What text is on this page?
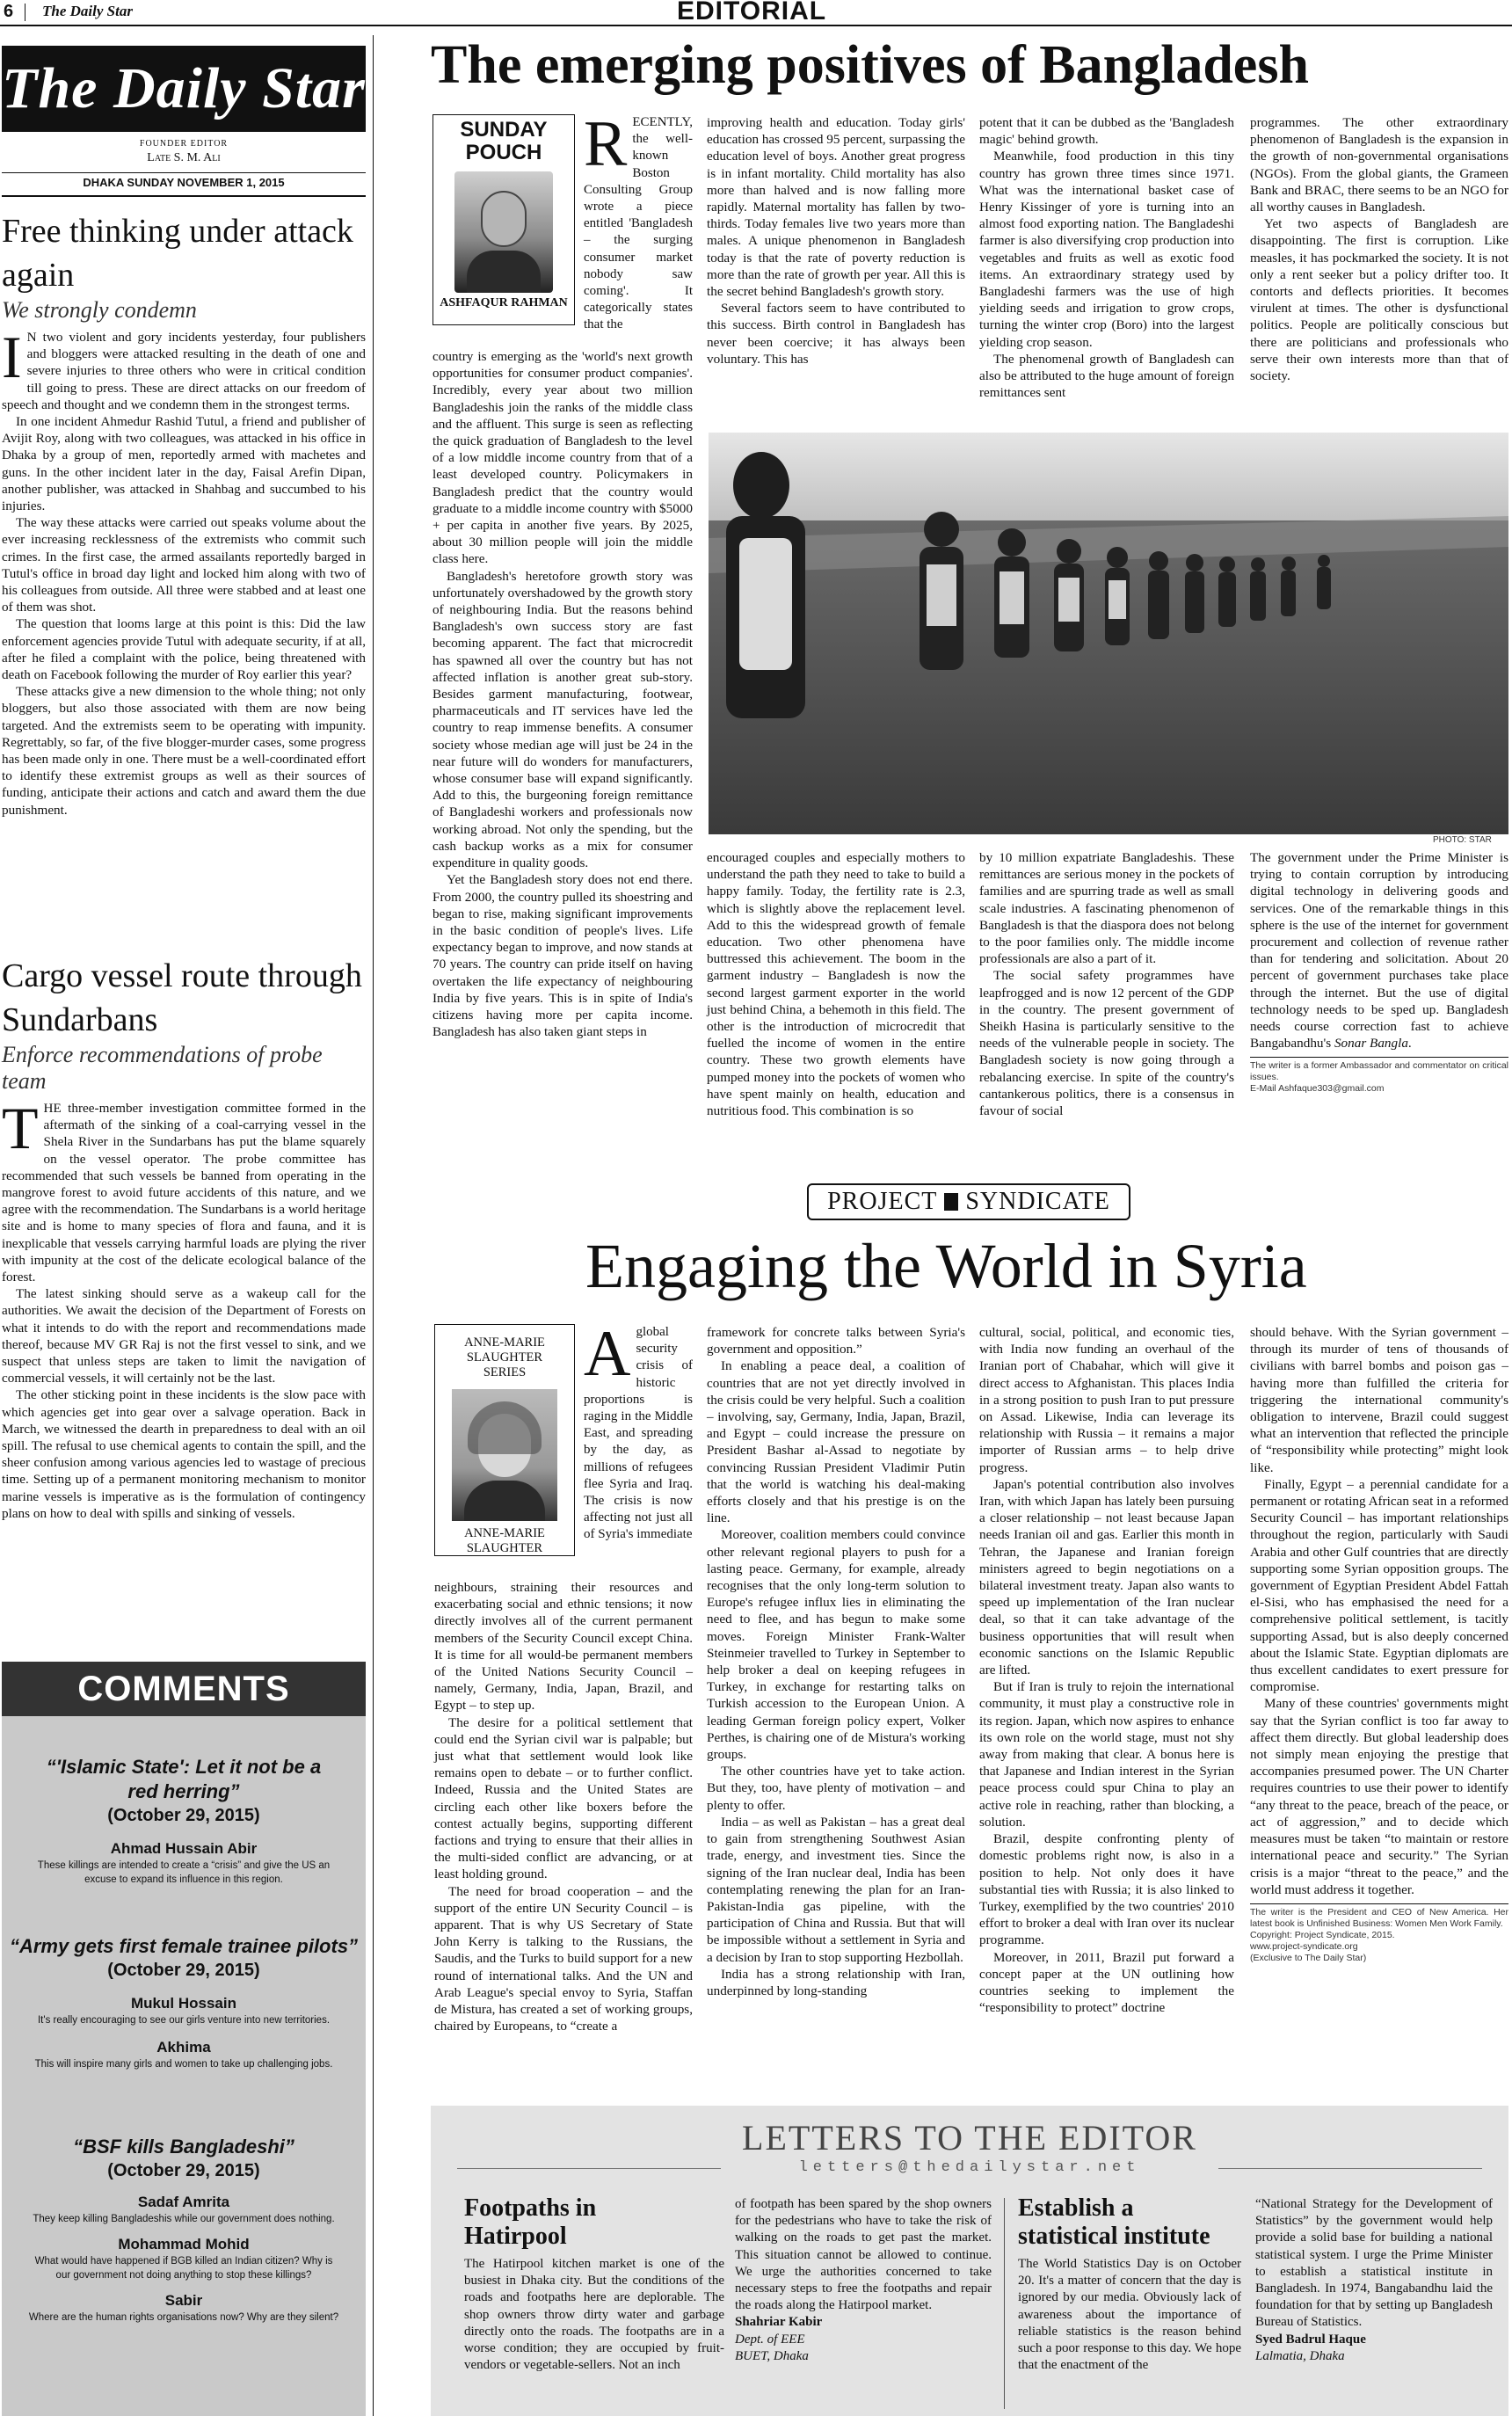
6 The Daily Star	EDITORIAL
The Daily Star
FOUNDER EDITOR
Late S. M. Ali
DHAKA SUNDAY NOVEMBER 1, 2015
Free thinking under attack again
We strongly condemn

I N two violent and gory incidents yesterday, four publishers and bloggers were attacked resulting in the death of one and severe injuries to three others who were in critical condition till going to press. These are direct attacks on our freedom of speech and thought and we condemn them in the strongest terms.

In one incident Ahmedur Rashid Tutul, a friend and publisher of Avijit Roy, along with two colleagues, was attacked in his office in Dhaka by a group of men, reportedly armed with machetes and guns. In the other incident later in the day, Faisal Arefin Dipan, another publisher, was attacked in Shahbag and succumbed to his injuries.

The way these attacks were carried out speaks volume about the ever increasing recklessness of the extremists who commit such crimes. In the first case, the armed assailants reportedly barged in Tutul's office in broad day light and locked him along with two of his colleagues from outside. All three were stabbed and at least one of them was shot.

The question that looms large at this point is this: Did the law enforcement agencies provide Tutul with adequate security, if at all, after he filed a complaint with the police, being threatened with death on Facebook following the murder of Roy earlier this year?

These attacks give a new dimension to the whole thing; not only bloggers, but also those associated with them are now being targeted. And the extremists seem to be operating with impunity. Regrettably, so far, of the five blogger-murder cases, some progress has been made only in one. There must be a well-coordinated effort to identify these extremist groups as well as their sources of funding, anticipate their actions and catch and award them the due punishment.

Cargo vessel route through Sundarbans
Enforce recommendations of probe team

THE three-member investigation committee formed in the aftermath of the sinking of a coal-carrying vessel in the Shela River in the Sundarbans has put the blame squarely on the vessel operator. The probe committee has recommended that such vessels be banned from operating in the mangrove forest to avoid future accidents of this nature, and we agree with the recommendation. The Sundarbans is a world heritage site and is home to many species of flora and fauna, and it is inexplicable that vessels carrying harmful loads are plying the river with impunity at the cost of the delicate ecological balance of the forest.

The latest sinking should serve as a wakeup call for the authorities. We await the decision of the Department of Forests on what it intends to do with the report and recommendations made thereof, because MV GR Raj is not the first vessel to sink, and we suspect that unless steps are taken to limit the navigation of commercial vessels, it will certainly not be the last.

The other sticking point in these incidents is the slow pace with which agencies get into gear over a salvage operation. Back in March, we witnessed the dearth in preparedness to deal with an oil spill. The refusal to use chemical agents to contain the spill, and the sheer confusion among various agencies led to wastage of precious time. Setting up of a permanent monitoring mechanism to monitor marine vessels is imperative as is the formulation of contingency plans on how to deal with spills and sinking of vessels.

COMMENTS
“'Islamic State': Let it not be a red herring”
(October 29, 2015)
Ahmad Hussain Abir
These killings are intended to create a “crisis” and give the US an excuse to expand its influence in this region.
“Army gets first female trainee pilots”
(October 29, 2015)
Mukul Hossain
It's really encouraging to see our girls venture into new territories.
Akhima
This will inspire many girls and women to take up challenging jobs.
“BSF kills Bangladeshi”
(October 29, 2015)
Sadaf Amrita
They keep killing Bangladeshis while our government does nothing.
Mohammad Mohid
What would have happened if BGB killed an Indian citizen? Why is our government not doing anything to stop these killings?
Sabir
Where are the human rights organisations now? Why are they silent?
The emerging positives of Bangladesh
SUNDAY POUCH
ASHFAQUR RAHMAN

RECENTLY, the well-known Boston Consulting Group wrote a piece entitled 'Bangladesh – the surging consumer market nobody saw coming'. It categorically states that the

country is emerging as the 'world's next growth opportunities for consumer product companies'. Incredibly, every year about two million Bangladeshis join the ranks of the middle class and the affluent. This surge is seen as reflecting the quick graduation of Bangladesh to the level of a low middle income country from that of a least developed country. Policymakers in Bangladesh predict that the country would graduate to a middle income country with $5000 + per capita in another five years. By 2025, about 30 million people will join the middle class here.

Bangladesh's heretofore growth story was unfortunately overshadowed by the growth story of neighbouring India. But the reasons behind Bangladesh's own success story are fast becoming apparent. The fact that microcredit has spawned all over the country but has not affected inflation is another great sub-story. Besides garment manufacturing, footwear, pharmaceuticals and IT services have led the country to reap immense benefits. A consumer society whose median age will just be 24 in the near future will do wonders for manufacturers, whose consumer base will expand significantly. Add to this, the burgeoning foreign remittance of Bangladeshi workers and professionals now working abroad. Not only the spending, but the cash backup works as a mix for consumer expenditure in quality goods.

Yet the Bangladesh story does not end there. From 2000, the country pulled its shoestring and began to rise, making significant improvements in the basic condition of people's lives. Life expectancy began to improve, and now stands at 70 years. The country can pride itself on having overtaken the life expectancy of neighbouring India by five years. This is in spite of India's citizens having more per capita income. Bangladesh has also taken giant steps in

improving health and education. Today girls' education has crossed 95 percent, surpassing the education level of boys. Another great progress is in infant mortality. Child mortality has also more than halved and is now falling more rapidly. Maternal mortality has fallen by two-thirds. Today females live two years more than males. A unique phenomenon in Bangladesh today is that the rate of poverty reduction is more than the rate of growth per year. All this is the secret behind Bangladesh's growth story.

Several factors seem to have contributed to this success. Birth control in Bangladesh has never been coercive; it has always been voluntary. This has

potent that it can be dubbed as the 'Bangladesh magic' behind growth.

Meanwhile, food production in this tiny country has grown three times since 1971. What was the international basket case of Henry Kissinger of yore is turning into an almost food exporting nation. The Bangladeshi farmer is also diversifying crop production into vegetables and fruits as well as exotic food items. An extraordinary strategy used by Bangladeshi farmers was the use of high yielding seeds and irrigation to grow crops, turning the winter crop (Boro) into the largest yielding crop season.

The phenomenal growth of Bangladesh can also be attributed to the huge amount of foreign remittances sent

programmes. The other extraordinary phenomenon of Bangladesh is the expansion in the growth of non-governmental organisations (NGOs). From the global giants, the Grameen Bank and BRAC, there seems to be an NGO for all worthy causes in Bangladesh.

Yet two aspects of Bangladesh are disappointing. The first is corruption. Like measles, it has pockmarked the society. It is not only a rent seeker but a policy drifter too. It contorts and deflects priorities. It becomes virulent at times. The other is dysfunctional politics. People are politically conscious but there are politicians and professionals who serve their own interests more than that of society.

PHOTO: STAR

encouraged couples and especially mothers to understand the path they need to take to build a happy family. Today, the fertility rate is 2.3, which is slightly above the replacement level. Add to this the widespread growth of female education. Two other phenomena have buttressed this achievement. The boom in the garment industry – Bangladesh is now the second largest garment exporter in the world just behind China, a behemoth in this field. The other is the introduction of microcredit that fuelled the income of women in the entire country. These two growth elements have pumped money into the pockets of women who have spent mainly on health, education and nutritious food. This combination is so

by 10 million expatriate Bangladeshis. These remittances are serious money in the pockets of families and are spurring trade as well as small scale industries. A fascinating phenomenon of Bangladesh is that the diaspora does not belong to the poor families only. The middle income professionals are also a part of it.

The social safety programmes have leapfrogged and is now 12 percent of the GDP in the country. The present government of Sheikh Hasina is particularly sensitive to the needs of the vulnerable people in society. The Bangladesh society is now going through a rebalancing exercise. In spite of the country's cantankerous politics, there is a consensus in favour of social

The government under the Prime Minister is trying to contain corruption by introducing digital technology in delivering goods and services. One of the remarkable things in this sphere is the use of the internet for government procurement and collection of revenue rather than for tendering and solicitation. About 20 percent of government purchases take place through the internet. But the use of digital technology needs to be sped up. Bangladesh needs course correction fast to achieve Bangabandhu's Sonar Bangla.

The writer is a former Ambassador and commentator on critical issues.
E-Mail Ashfaque303@gmail.com
PROJECT SYNDICATE
Engaging the World in Syria
ANNE-MARIE SLAUGHTER
SERIES
ANNE-MARIE SLAUGHTER

Aglobal security crisis of historic proportions is raging in the Middle East, and spreading by the day, as millions of refugees flee Syria and Iraq. The crisis is now affecting not just all of Syria's immediate

neighbours, straining their resources and exacerbating social and ethnic tensions; it now directly involves all of the current permanent members of the Security Council except China. It is time for all would-be permanent members of the United Nations Security Council – namely, Germany, India, Japan, Brazil, and Egypt – to step up.

The desire for a political settlement that could end the Syrian civil war is palpable; but just what that settlement would look like remains open to debate – or to further conflict. Indeed, Russia and the United States are circling each other like boxers before the contest actually begins, supporting different factions and trying to ensure that their allies in the multi-sided conflict are advancing, or at least holding ground.

The need for broad cooperation – and the support of the entire UN Security Council – is apparent. That is why US Secretary of State John Kerry is talking to the Russians, the Saudis, and the Turks to build support for a new round of international talks. And the UN and Arab League's special envoy to Syria, Staffan de Mistura, has created a set of working groups, chaired by Europeans, to “create a

framework for concrete talks between Syria's government and opposition.”

In enabling a peace deal, a coalition of countries that are not yet directly involved in the crisis could be very helpful. Such a coalition – involving, say, Germany, India, Japan, Brazil, and Egypt – could increase the pressure on President Bashar al-Assad to negotiate by convincing Russian President Vladimir Putin that the world is watching his deal-making efforts closely and that his prestige is on the line.

Moreover, coalition members could convince other relevant regional players to push for a lasting peace. Germany, for example, already recognises that the only long-term solution to Europe's refugee influx lies in eliminating the need to flee, and has begun to make some moves. Foreign Minister Frank-Walter Steinmeier travelled to Turkey in September to help broker a deal on keeping refugees in Turkey, in exchange for restarting talks on Turkish accession to the European Union. A leading German foreign policy expert, Volker Perthes, is chairing one of de Mistura's working groups.

The other countries have yet to take action. But they, too, have plenty of motivation – and plenty to offer.

India – as well as Pakistan – has a great deal to gain from strengthening Southwest Asian trade, energy, and investment ties. Since the signing of the Iran nuclear deal, India has been contemplating renewing the plan for an Iran-Pakistan-India gas pipeline, with the participation of China and Russia. But that will be impossible without a settlement in Syria and a decision by Iran to stop supporting Hezbollah.

India has a strong relationship with Iran, underpinned by long-standing

cultural, social, political, and economic ties, with India now funding an overhaul of the Iranian port of Chabahar, which will give it direct access to Afghanistan. This places India in a strong position to push Iran to put pressure on Assad. Likewise, India can leverage its relationship with Russia – it remains a major importer of Russian arms – to help drive progress.

Japan's potential contribution also involves Iran, with which Japan has lately been pursuing a closer relationship – not least because Japan needs Iranian oil and gas. Earlier this month in Tehran, the Japanese and Iranian foreign ministers agreed to begin negotiations on a bilateral investment treaty. Japan also wants to speed up implementation of the Iran nuclear deal, so that it can take advantage of the business opportunities that will result when economic sanctions on the Islamic Republic are lifted.

But if Iran is truly to rejoin the international community, it must play a constructive role in its region. Japan, which now aspires to enhance its own role on the world stage, must not shy away from making that clear. A bonus here is that Japanese and Indian interest in the Syrian peace process could spur China to play an active role in reaching, rather than blocking, a solution.

Brazil, despite confronting plenty of domestic problems right now, is also in a position to help. Not only does it have substantial ties with Russia; it is also linked to Turkey, exemplified by the two countries' 2010 effort to broker a deal with Iran over its nuclear programme.

Moreover, in 2011, Brazil put forward a concept paper at the UN outlining how countries seeking to implement the “responsibility to protect” doctrine

should behave. With the Syrian government – through its murder of tens of thousands of civilians with barrel bombs and poison gas – having more than fulfilled the criteria for triggering the international community's obligation to intervene, Brazil could suggest what an intervention that reflected the principle of “responsibility while protecting” might look like.

Finally, Egypt – a perennial candidate for a permanent or rotating African seat in a reformed Security Council – has important relationships throughout the region, particularly with Saudi Arabia and other Gulf countries that are directly supporting some Syrian opposition groups. The government of Egyptian President Abdel Fattah el-Sisi, who has emphasised the need for a comprehensive political settlement, is tacitly supporting Assad, but is also deeply concerned about the Islamic State. Egyptian diplomats are thus excellent candidates to exert pressure for compromise.

Many of these countries' governments might say that the Syrian conflict is too far away to affect them directly. But global leadership does not simply mean enjoying the prestige that accompanies presumed power. The UN Charter requires countries to use their power to identify “any threat to the peace, breach of the peace, or act of aggression,” and to decide which measures must be taken “to maintain or restore international peace and security.” The Syrian crisis is a major “threat to the peace,” and the world must address it together.

The writer is the President and CEO of New America. Her latest book is Unfinished Business: Women Men Work Family.
Copyright: Project Syndicate, 2015.
www.project-syndicate.org
(Exclusive to The Daily Star)
LETTERS TO THE EDITOR
letters@thedailystar.net
Footpaths in Hatirpool

The Hatirpool kitchen market is one of the busiest in Dhaka city. But the conditions of the roads and footpaths here are deplorable. The shop owners throw dirty water and garbage directly onto the roads. The footpaths are in a worse condition; they are occupied by fruit-vendors or vegetable-sellers. Not an inch

of footpath has been spared by the shop owners for the pedestrians who have to take the risk of walking on the roads to get past the market. This situation cannot be allowed to continue. We urge the authorities concerned to take necessary steps to free the footpaths and repair the roads along the Hatirpool market.

Shahriar Kabir

Dept. of EEE

BUET, Dhaka

Establish a statistical institute

The World Statistics Day is on October 20. It's a matter of concern that the day is ignored by our media. Obviously lack of awareness about the importance of reliable statistics is the reason behind such a poor response to this day. We hope that the enactment of the

“National Strategy for the Development of Statistics” by the government would help provide a solid base for building a national statistical system. I urge the Prime Minister to establish a statistical institute in Bangladesh. In 1974, Bangabandhu laid the foundation for that by setting up Bangladesh Bureau of Statistics.

Syed Badrul Haque

Lalmatia, Dhaka
